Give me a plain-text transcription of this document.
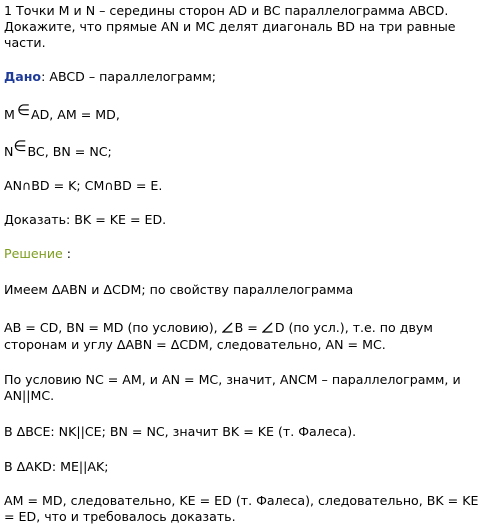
1 Точки M и N – середины сторон AD и BC параллелограмма ABCD.
Докажите, что прямые AN и MC делят диагональ BD на три равные
части.
Дано: ABCD – параллелограмм;
M ∈AD, AM = MD,
N∈BC, BN = NC;
AN∩BD = K; CM∩BD = E.
Доказать: BK = KE = ED.
Решение :
Имеем ΔABN и ΔCDM; по свойству параллелограмма
AB = CD, BN = MD (по условию), B = D (по усл.), т.е. по двум
сторонам и углу ΔABN = ΔCDM, следовательно, AN = MC.
По условию NC = AM, и AN = MC, значит, ANCM – параллелограмм, и
AN||MC.
В ΔBCE: NK||CE; BN = NC, значит BK = KE (т. Фалеса).
В ΔAKD: ME||AK;
AM = MD, следовательно, KE = ED (т. Фалеса), следовательно, BK = KE
= ED, что и требовалось доказать.
